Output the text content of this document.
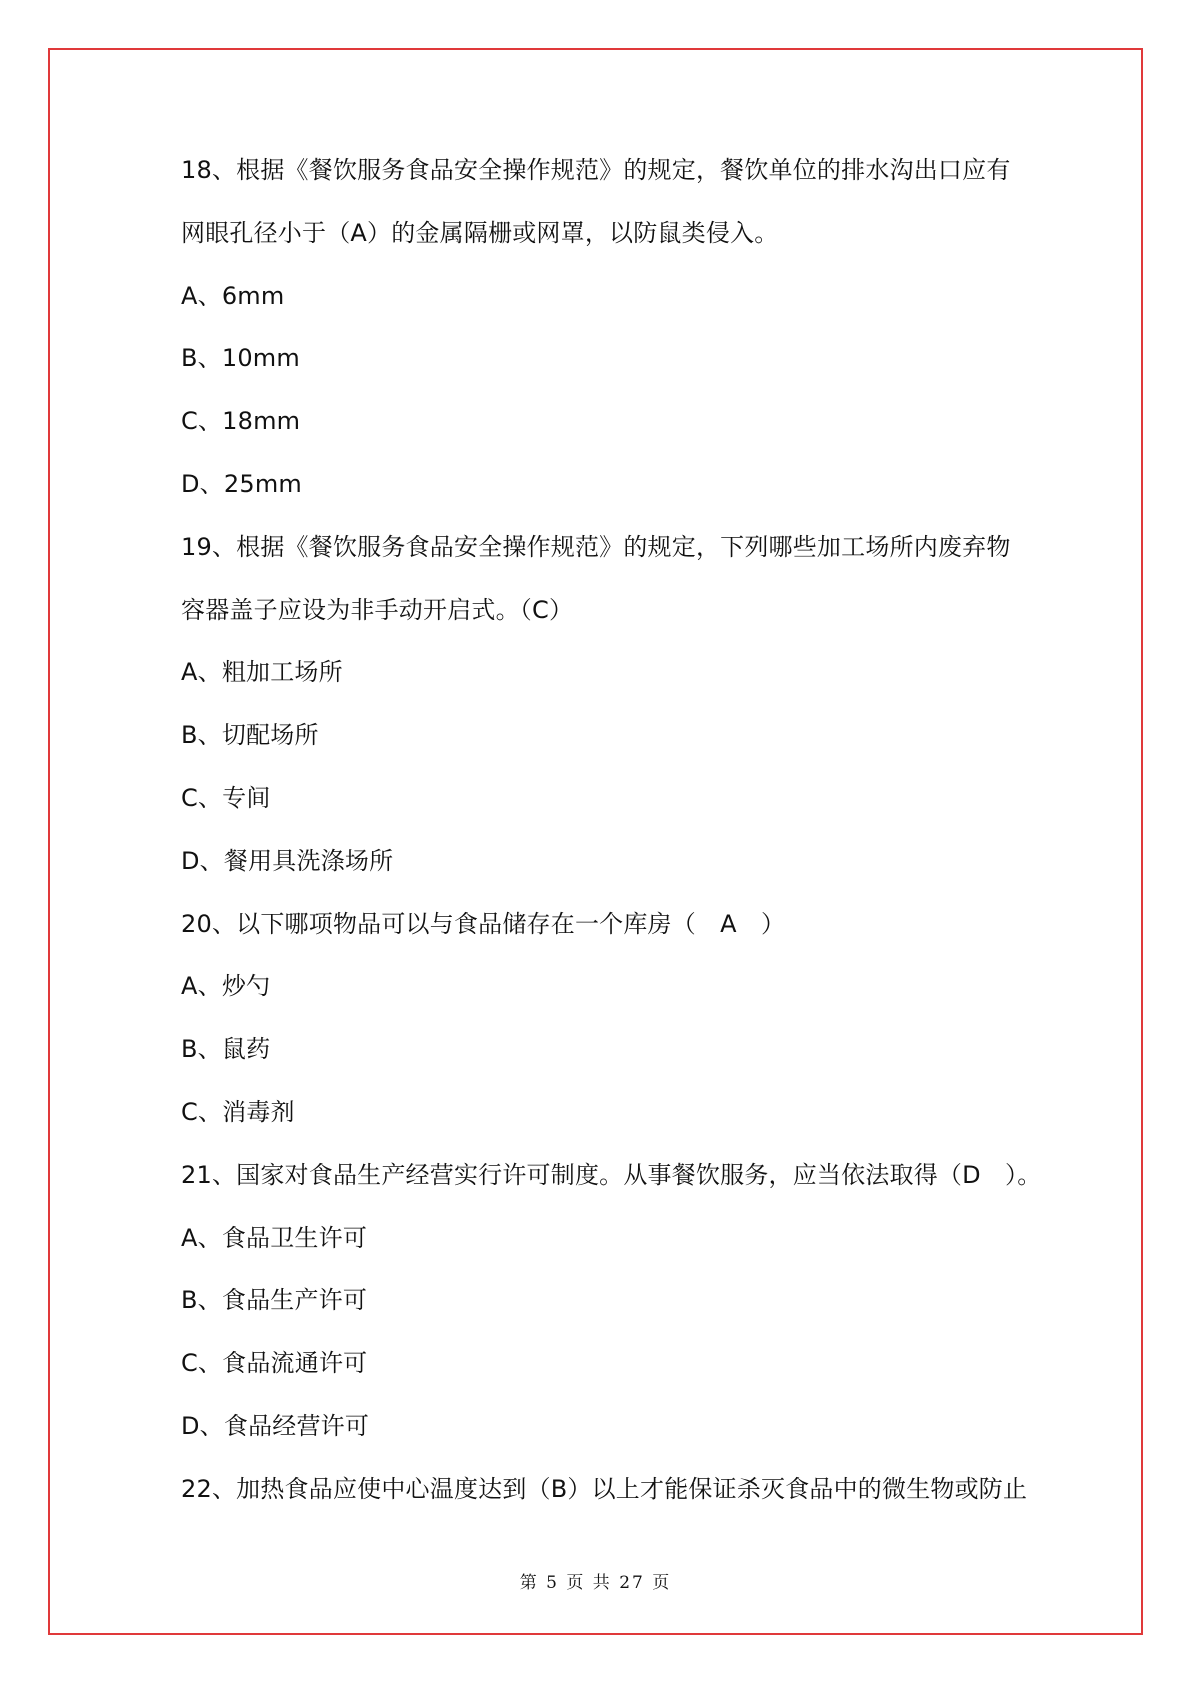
18、根据《餐饮服务食品安全操作规范》的规定，餐饮单位的排水沟出口应有
网眼孔径小于（A）的金属隔栅或网罩，以防鼠类侵入。
A、6mm
B、10mm
C、18mm
D、25mm
19、根据《餐饮服务食品安全操作规范》的规定，下列哪些加工场所内废弃物
容器盖子应设为非手动开启式。（C）
A、粗加工场所
B、切配场所
C、专间
D、餐用具洗涤场所
20、以下哪项物品可以与食品储存在一个库房（　A　）
A、炒勺
B、鼠药
C、消毒剂
21、国家对食品生产经营实行许可制度。从事餐饮服务，应当依法取得（D　）。
A、食品卫生许可
B、食品生产许可
C、食品流通许可
D、食品经营许可
22、加热食品应使中心温度达到（B）以上才能保证杀灭食品中的微生物或防止
第 5 页 共 27 页
